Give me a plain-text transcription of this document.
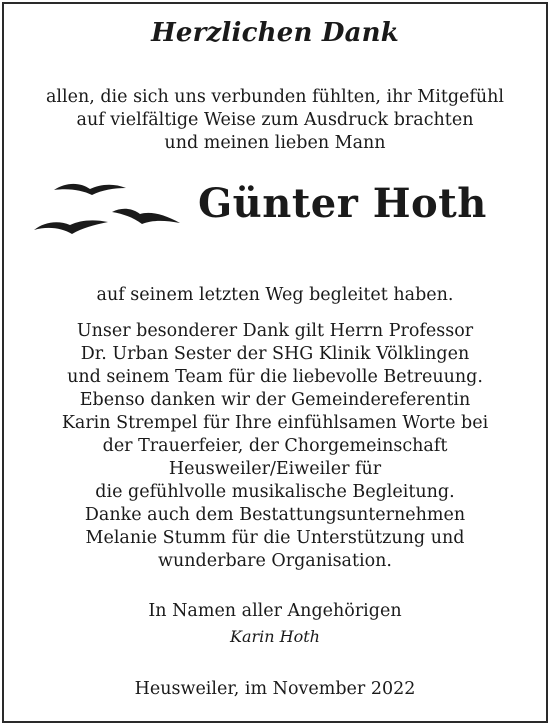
Herzlichen Dank

allen, die sich uns verbunden fühlten, ihr Mitgefühl

auf vielfältige Weise zum Ausdruck brachten

und meinen lieben Mann

Günter Hoth

auf seinem letzten Weg begleitet haben.

Unser besonderer Dank gilt Herrn Professor

Dr. Urban Sester der SHG Klinik Völklingen

und seinem Team für die liebevolle Betreuung.

Ebenso danken wir der Gemeindereferentin

Karin Strempel für Ihre einfühlsamen Worte bei

der Trauerfeier, der Chorgemeinschaft

Heusweiler/Eiweiler für

die gefühlvolle musikalische Begleitung.

Danke auch dem Bestattungsunternehmen

Melanie Stumm für die Unterstützung und

wunderbare Organisation.

In Namen aller Angehörigen

Karin Hoth

Heusweiler, im November 2022
